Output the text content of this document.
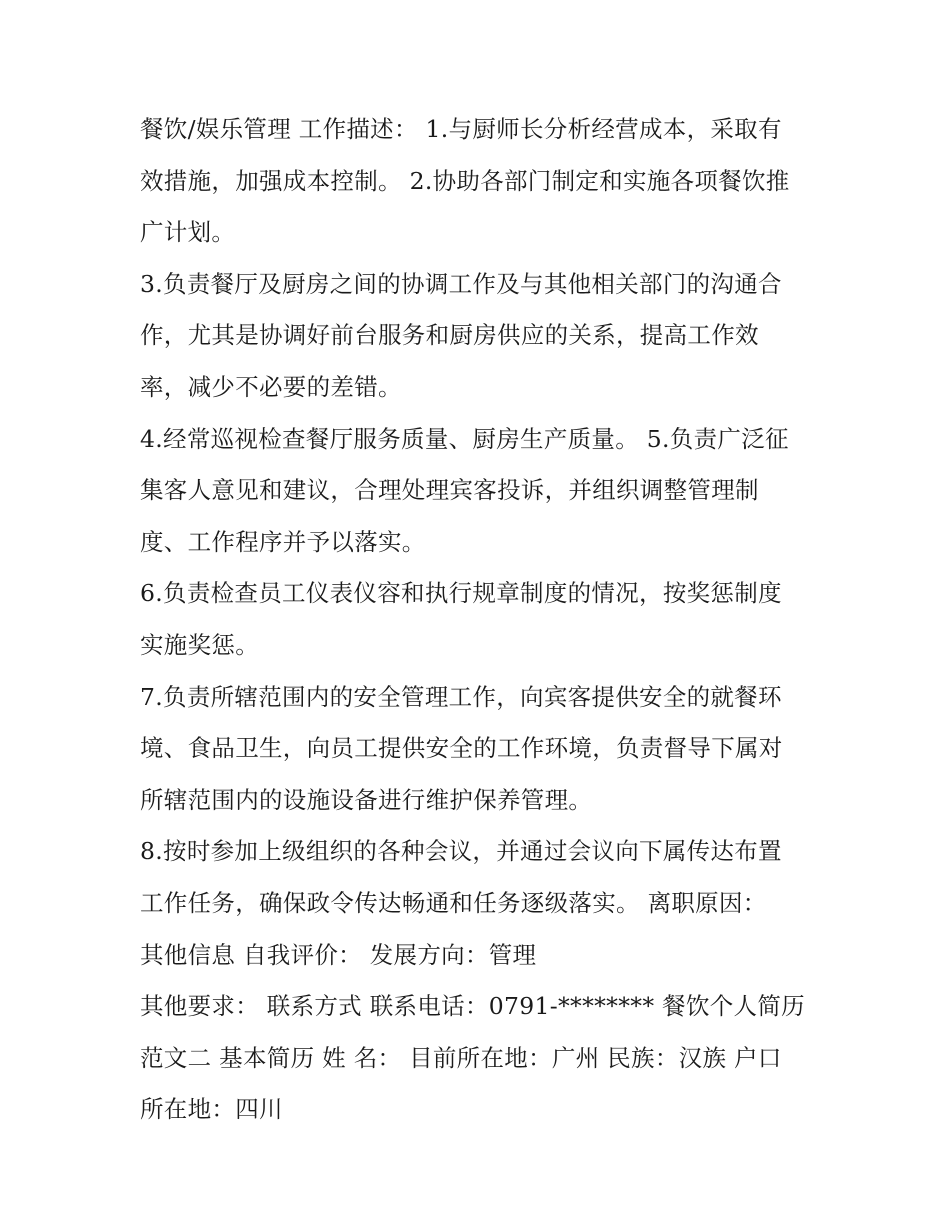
餐饮/娱乐管理 工作描述： 1.与厨师长分析经营成本，采取有
效措施，加强成本控制。 2.协助各部门制定和实施各项餐饮推
广计划。
3.负责餐厅及厨房之间的协调工作及与其他相关部门的沟通合
作，尤其是协调好前台服务和厨房供应的关系，提高工作效
率，减少不必要的差错。
4.经常巡视检查餐厅服务质量、厨房生产质量。 5.负责广泛征
集客人意见和建议，合理处理宾客投诉，并组织调整管理制
度、工作程序并予以落实。
6.负责检查员工仪表仪容和执行规章制度的情况，按奖惩制度
实施奖惩。
7.负责所辖范围内的安全管理工作，向宾客提供安全的就餐环
境、食品卫生，向员工提供安全的工作环境，负责督导下属对
所辖范围内的设施设备进行维护保养管理。
8.按时参加上级组织的各种会议，并通过会议向下属传达布置
工作任务，确保政令传达畅通和任务逐级落实。 离职原因：
其他信息 自我评价： 发展方向：管理
其他要求： 联系方式 联系电话：0791-******** 餐饮个人简历
范文二 基本简历 姓 名： 目前所在地：广州 民族：汉族 户口
所在地：四川
